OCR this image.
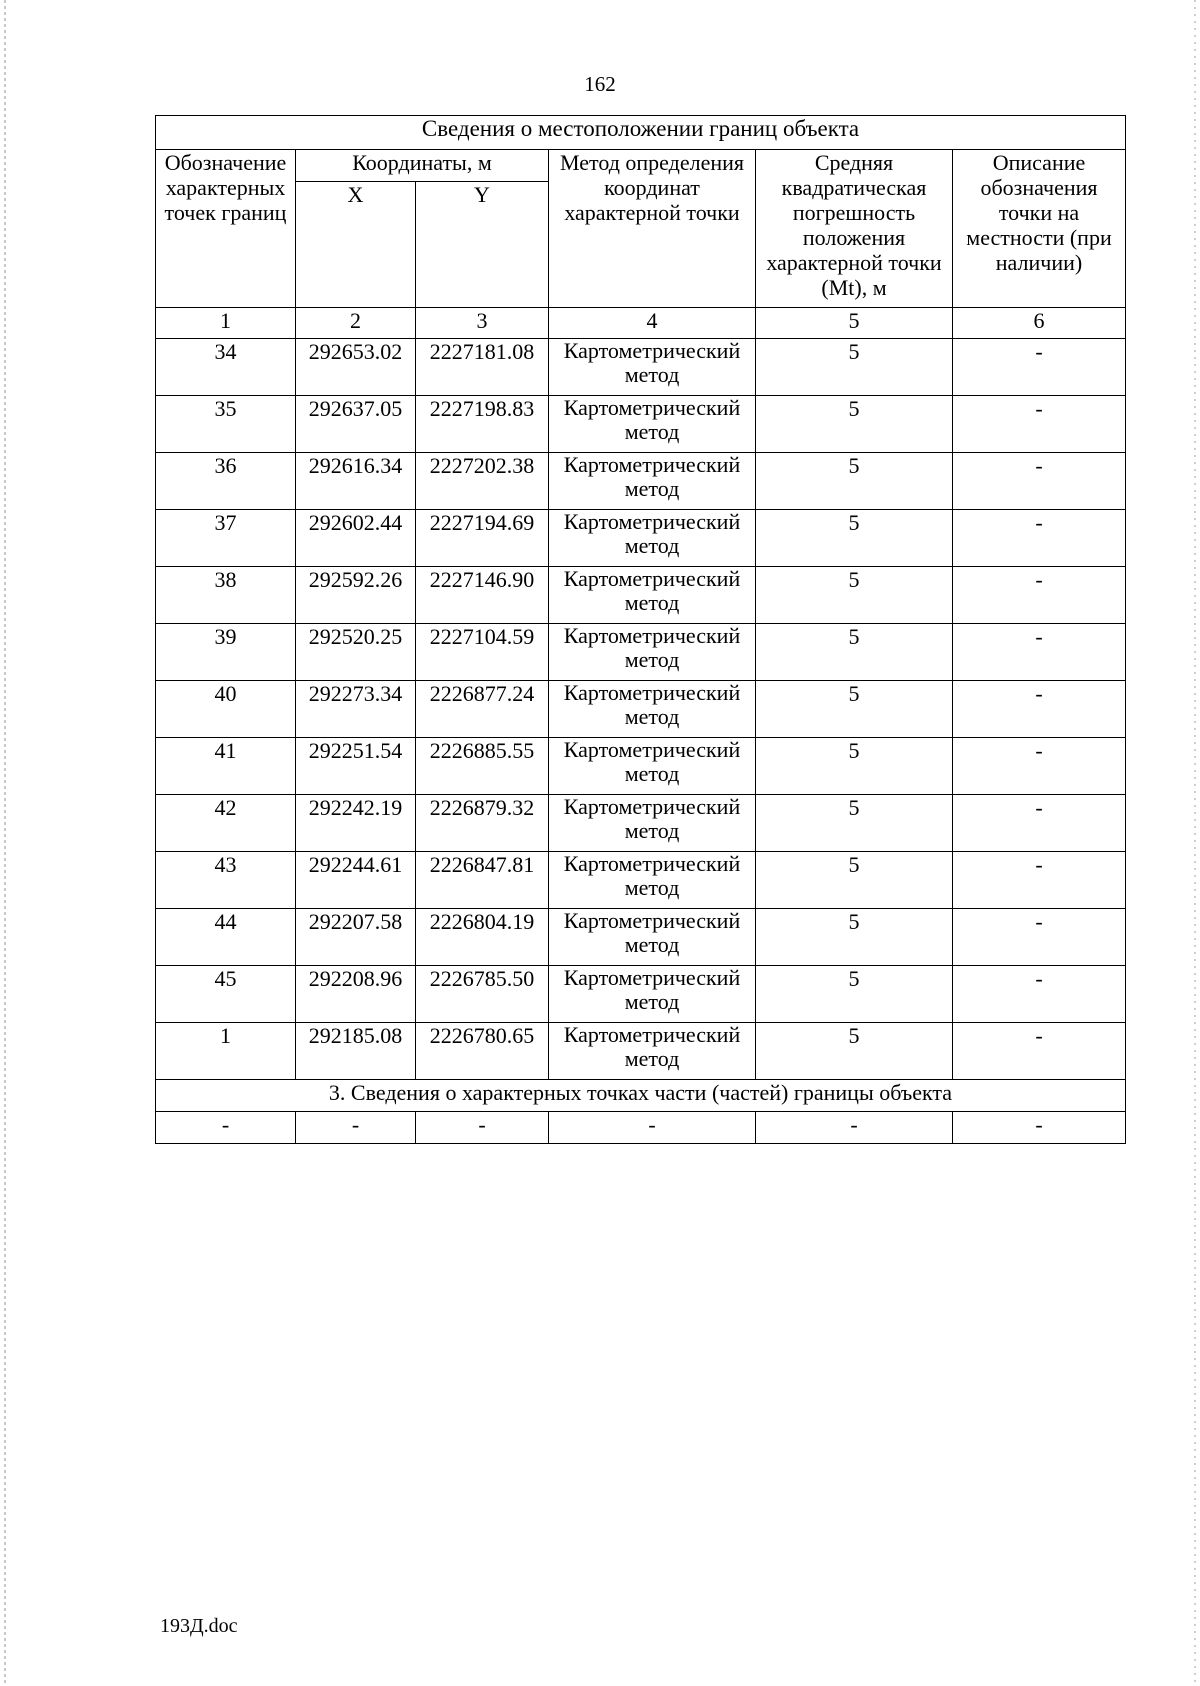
162
Сведения о местоположении границ объекта					
Обозначение характерных точек границ	Координаты, м		Метод определения координат характерной точки	Средняя квадратическая погрешность положения характерной точки (Mt), м	Описание обозначения точки на местности (при наличии)
	X	Y			
1	2	3	4	5	6
34	292653.02	2227181.08	Картометрический метод	5	-
35	292637.05	2227198.83	Картометрический метод	5	-
36	292616.34	2227202.38	Картометрический метод	5	-
37	292602.44	2227194.69	Картометрический метод	5	-
38	292592.26	2227146.90	Картометрический метод	5	-
39	292520.25	2227104.59	Картометрический метод	5	-
40	292273.34	2226877.24	Картометрический метод	5	-
41	292251.54	2226885.55	Картометрический метод	5	-
42	292242.19	2226879.32	Картометрический метод	5	-
43	292244.61	2226847.81	Картометрический метод	5	-
44	292207.58	2226804.19	Картометрический метод	5	-
45	292208.96	2226785.50	Картометрический метод	5	-
1	292185.08	2226780.65	Картометрический метод	5	-
3. Сведения о характерных точках части (частей) границы объекта					
-	-	-	-	-	-
193Д.doc
